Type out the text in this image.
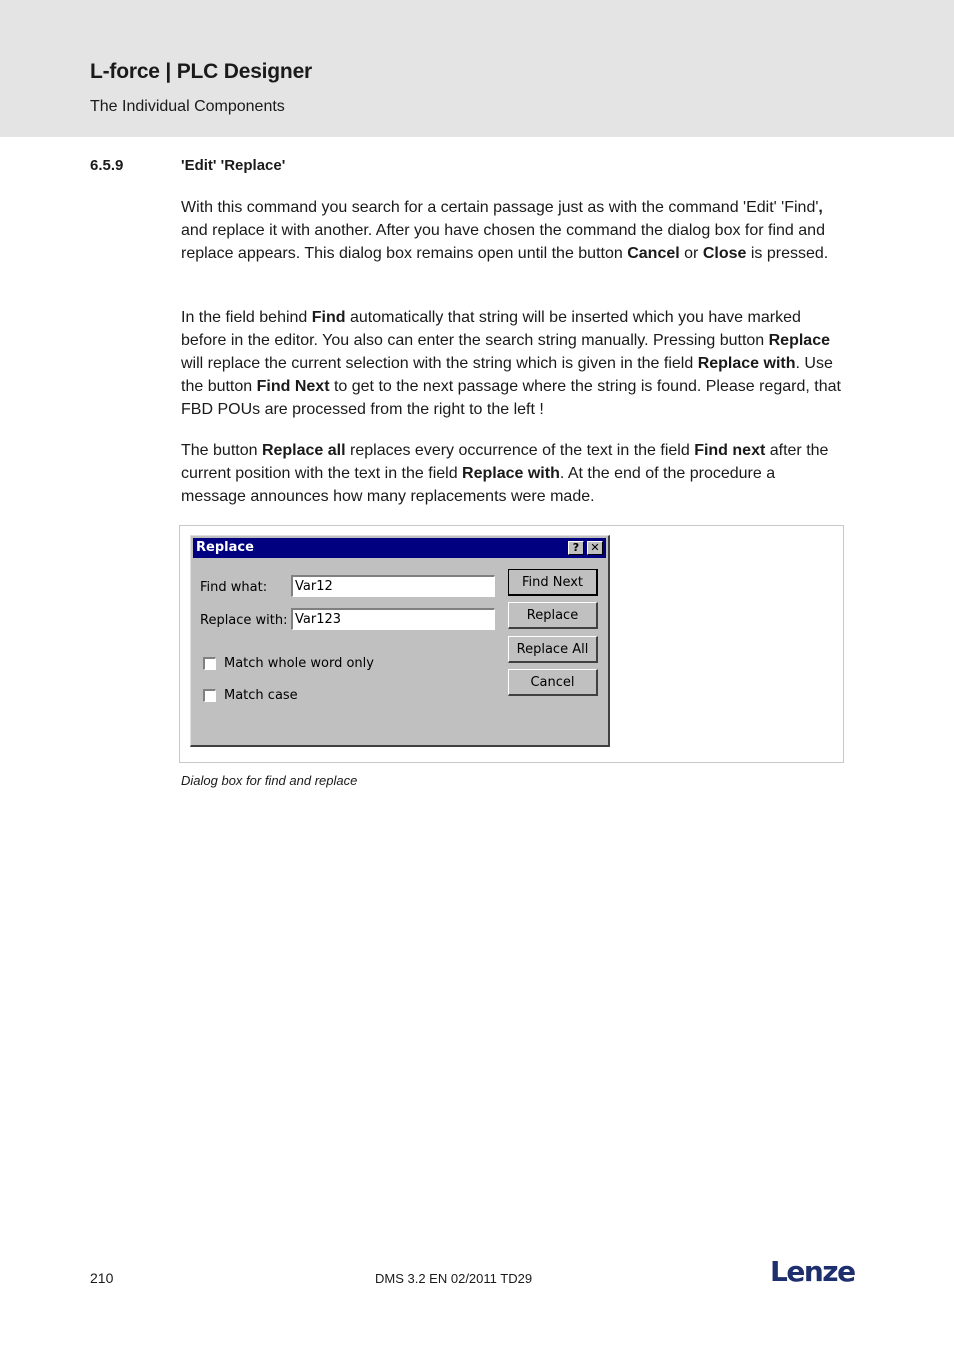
L-force | PLC Designer
The Individual Components
6.5.9	'Edit' 'Replace'

With this command you search for a certain passage just as with the command 'Edit' 'Find', and replace it with another. After you have chosen the command the dialog box for find and replace appears. This dialog box remains open until the button Cancel or Close is pressed.

In the field behind Find automatically that string will be inserted which you have marked before in the editor. You also can enter the search string manually. Pressing button Replace will replace the current selection with the string which is given in the field Replace with. Use the button Find Next to get to the next passage where the string is found. Please regard, that FBD POUs are processed from the right to the left !

The button Replace all replaces every occurrence of the text in the field Find next after the current position with the text in the field Replace with. At the end of the procedure a message announces how many replacements were made.

Replace	?	✕
Find what:
Var12
Replace with:
Var123
Match whole word only
Match case
Find Next
Replace
Replace All
Cancel
Dialog box for find and replace
210	DMS 3.2 EN 02/2011 TD29	Lenze
